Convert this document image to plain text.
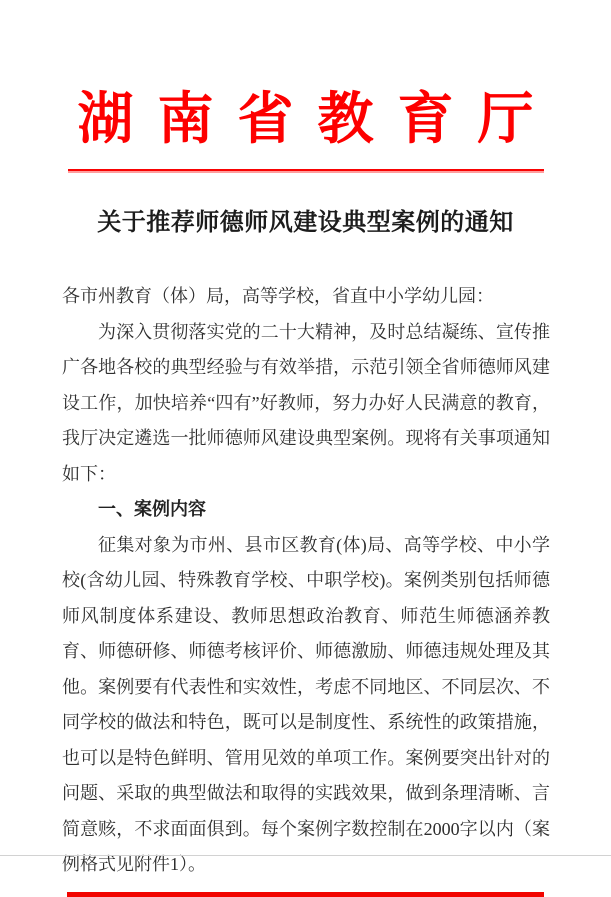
湖南省教育厅
关于推荐师德师风建设典型案例的通知

各市州教育（体）局，高等学校，省直中小学幼儿园：

为深入贯彻落实党的二十大精神，及时总结凝练、宣传推广各地各校的典型经验与有效举措，示范引领全省师德师风建设工作，加快培养“四有”好教师，努力办好人民满意的教育，我厅决定遴选一批师德师风建设典型案例。现将有关事项通知如下：

一、案例内容

征集对象为市州、县市区教育(体)局、高等学校、中小学校(含幼儿园、特殊教育学校、中职学校)。案例类别包括师德师风制度体系建设、教师思想政治教育、师范生师德涵养教育、师德研修、师德考核评价、师德激励、师德违规处理及其他。案例要有代表性和实效性，考虑不同地区、不同层次、不同学校的做法和特色，既可以是制度性、系统性的政策措施，也可以是特色鲜明、管用见效的单项工作。案例要突出针对的问题、采取的典型做法和取得的实践效果，做到条理清晰、言简意赅，不求面面俱到。每个案例字数控制在2000字以内（案例格式见附件1）。
